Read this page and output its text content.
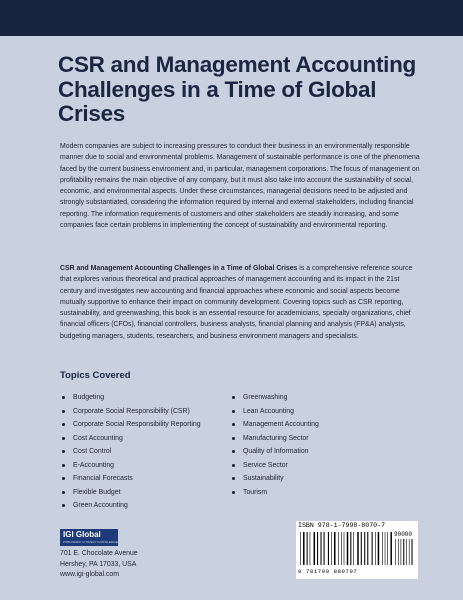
CSR and Management Accounting Challenges in a Time of Global Crises

Modern companies are subject to increasing pressures to conduct their business in an environmentally responsible manner due to social and environmental problems. Management of sustainable performance is one of the phenomena faced by the current business environment and, in particular, management corporations. The focus of management on profitability remains the main objective of any company, but it must also take into account the sustainability of social, economic, and environmental aspects. Under these circumstances, managerial decisions need to be adjusted and strongly substantiated, considering the information required by internal and external stakeholders, including financial reporting. The information requirements of customers and other stakeholders are steadily increasing, and some companies face certain problems in implementing the concept of sustainability and environmental reporting.

CSR and Management Accounting Challenges in a Time of Global Crises is a comprehensive reference source that explores various theoretical and practical approaches of management accounting and its impact in the 21st century and investigates new accounting and financial approaches where economic and social aspects become mutually supportive to enhance their impact on community development. Covering topics such as CSR reporting, sustainability, and greenwashing, this book is an essential resource for academicians, specialty organizations, chief financial officers (CFOs), financial controllers, business analysts, financial planning and analysis (FP&A) analysts, budgeting managers, students, researchers, and business environment managers and specialists.

Topics Covered
Budgeting
Corporate Social Responsibility (CSR)
Corporate Social Responsibility Reporting
Cost Accounting
Cost Control
E-Accounting
Financial Forecasts
Flexible Budget
Green Accounting
Greenwashing
Lean Accounting
Management Accounting
Manufacturing Sector
Quality of Information
Service Sector
Sustainability
Tourism
IGI Global
PUBLISHER of TIMELY KNOWLEDGE
701 E. Chocolate Avenue
Hershey, PA 17033, USA
www.igi-global.com
ISBN 978-1-7998-8070-7
90000
9 781799 880707
